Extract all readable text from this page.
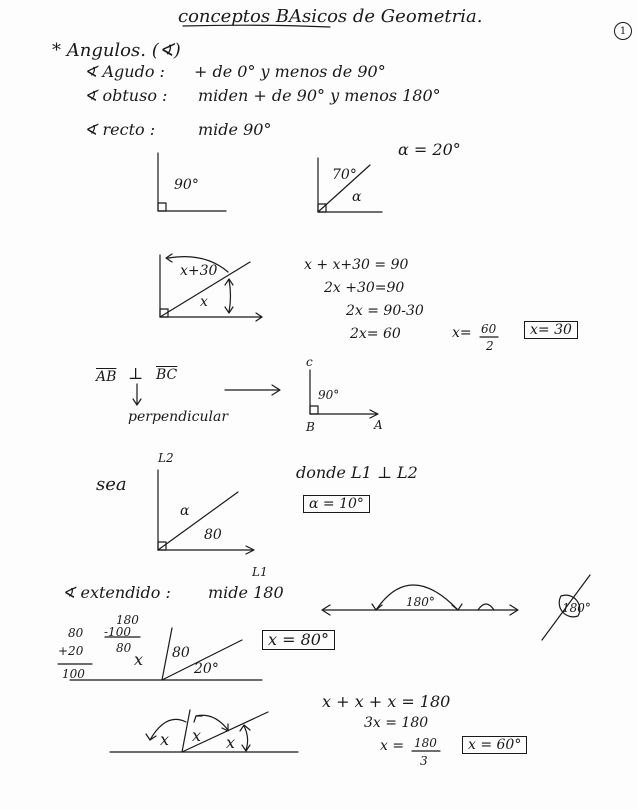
conceptos BAsicos de Geometria.
1
* Angulos. (∢)
∢ Agudo : + de 0° y menos de 90°
∢ obtuso : miden + de 90° y menos 180°
∢ recto :	mide 90°
90°
70°
α
α = 20°
x+30
x
x + x+30 = 90
2x +30=90
2x = 90-30
2x= 60	x= 60
2
x= 30
$\overline{AB}$ ⊥ $\overline{BC}$
perpendicular
c
90°
B	A
sea
L2
α
80
L1
donde L1 ⊥ L2
α = 10°
∢ extendido : mide 180	180°	180°
180
-100
80
80
+20
100
x 80
20°
x = 80°
x x x
x + x + x = 180
3x = 180
x = 180
3
x = 60°
